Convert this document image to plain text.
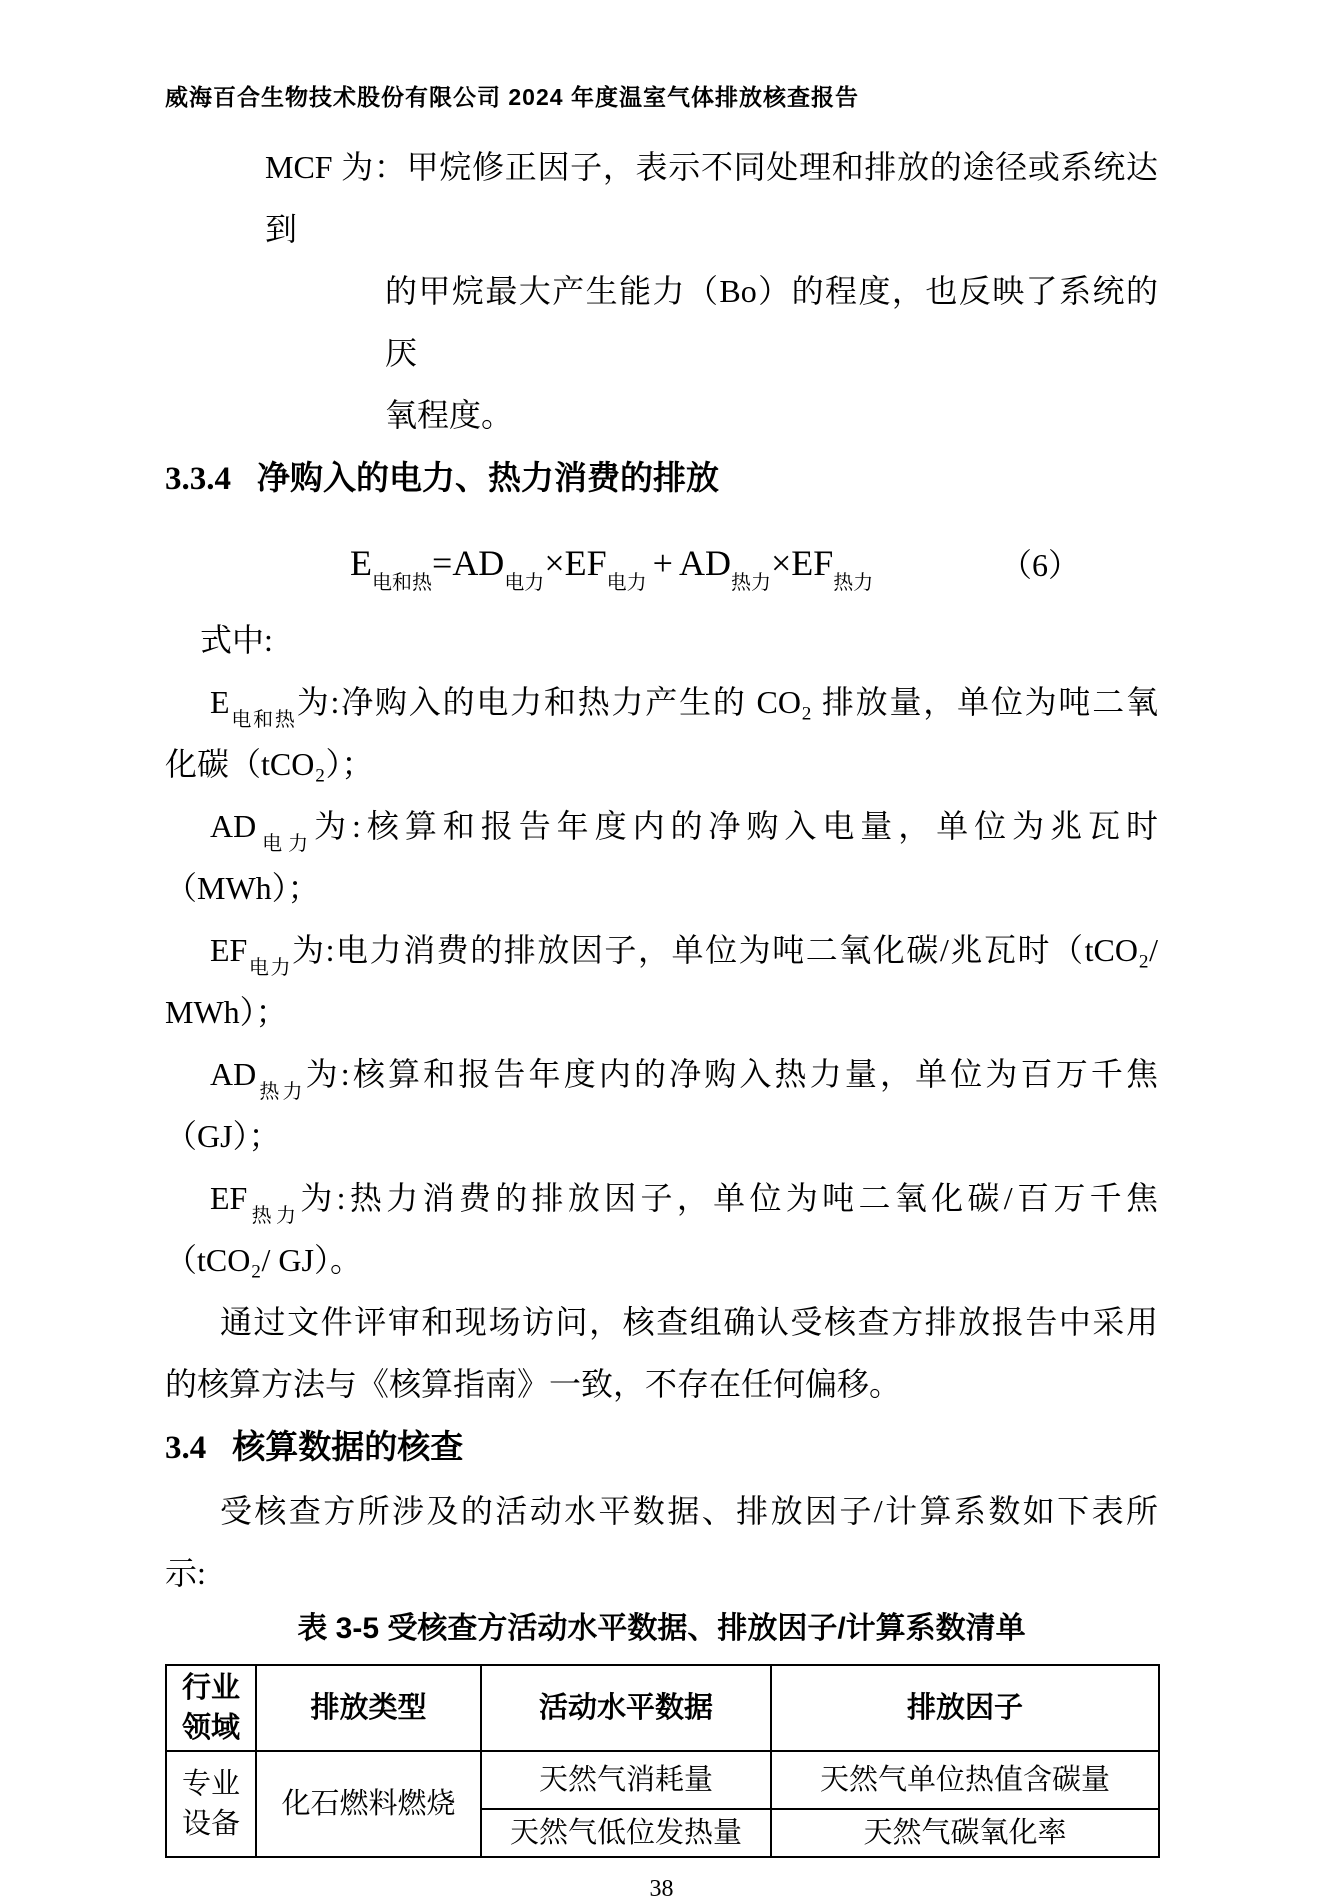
威海百合生物技术股份有限公司 2024 年度温室气体排放核查报告
MCF 为：甲烷修正因子，表示不同处理和排放的途径或系统达到
的甲烷最大产生能力（Bo）的程度，也反映了系统的厌
氧程度。
3.3.4 净购入的电力、热力消费的排放
$E_{电和热}=AD_{电力}\times EF_{电力}+ AD_{热力}\times EF_{热力}$
（6）
式中:
$E_{电和热}$为:净购入的电力和热力产生的 CO₂ 排放量，单位为吨二氧
化碳（tCO₂）；
$AD_{电力}$为:核算和报告年度内的净购入电量，单位为兆瓦时
（MWh）；
$EF_{电力}$为:电力消费的排放因子，单位为吨二氧化碳/兆瓦时（tCO₂/
MWh）；
$AD_{热力}$为:核算和报告年度内的净购入热力量，单位为百万千焦
（GJ）；
$EF_{热力}$为:热力消费的排放因子，单位为吨二氧化碳/百万千焦
（tCO₂/ GJ）。
通过文件评审和现场访问，核查组确认受核查方排放报告中采用
的核算方法与《核算指南》一致，不存在任何偏移。
3.4 核算数据的核查
受核查方所涉及的活动水平数据、排放因子/计算系数如下表所
示:
表 3-5 受核查方活动水平数据、排放因子/计算系数清单
行业领域	排放类型	活动水平数据	排放因子
专业设备	化石燃料燃烧	天然气消耗量	天然气单位热值含碳量
		天然气低位发热量	天然气碳氧化率
38
